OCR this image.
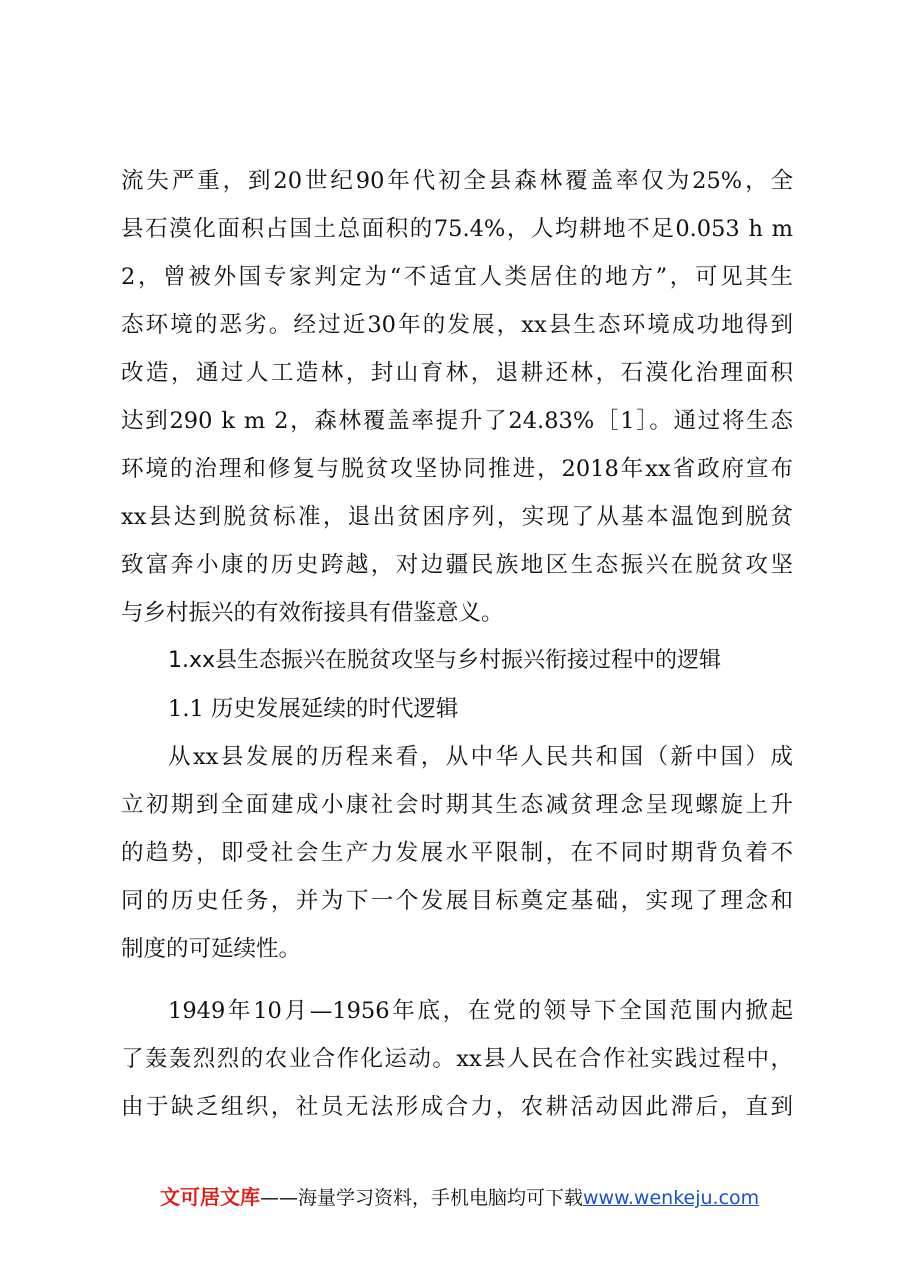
流失严重，到20世纪90年代初全县森林覆盖率仅为25%，全
县石漠化面积占国土总面积的75.4%，人均耕地不足0.053 h m
2，曾被外国专家判定为“不适宜人类居住的地方”，可见其生
态环境的恶劣。经过近30年的发展，xx县生态环境成功地得到
改造，通过人工造林，封山育林，退耕还林，石漠化治理面积
达到290 k m 2，森林覆盖率提升了24.83%［1］。通过将生态
环境的治理和修复与脱贫攻坚协同推进，2018年xx省政府宣布
xx县达到脱贫标准，退出贫困序列，实现了从基本温饱到脱贫
致富奔小康的历史跨越，对边疆民族地区生态振兴在脱贫攻坚
与乡村振兴的有效衔接具有借鉴意义。
1.xx县生态振兴在脱贫攻坚与乡村振兴衔接过程中的逻辑
1.1 历史发展延续的时代逻辑
从xx县发展的历程来看，从中华人民共和国（新中国）成
立初期到全面建成小康社会时期其生态减贫理念呈现螺旋上升
的趋势，即受社会生产力发展水平限制，在不同时期背负着不
同的历史任务，并为下一个发展目标奠定基础，实现了理念和
制度的可延续性。
1949年10月—1956年底，在党的领导下全国范围内掀起
了轰轰烈烈的农业合作化运动。xx县人民在合作社实践过程中，
由于缺乏组织，社员无法形成合力，农耕活动因此滞后，直到
文可居文库——海量学习资料，手机电脑均可下载www.wenkeju.com
